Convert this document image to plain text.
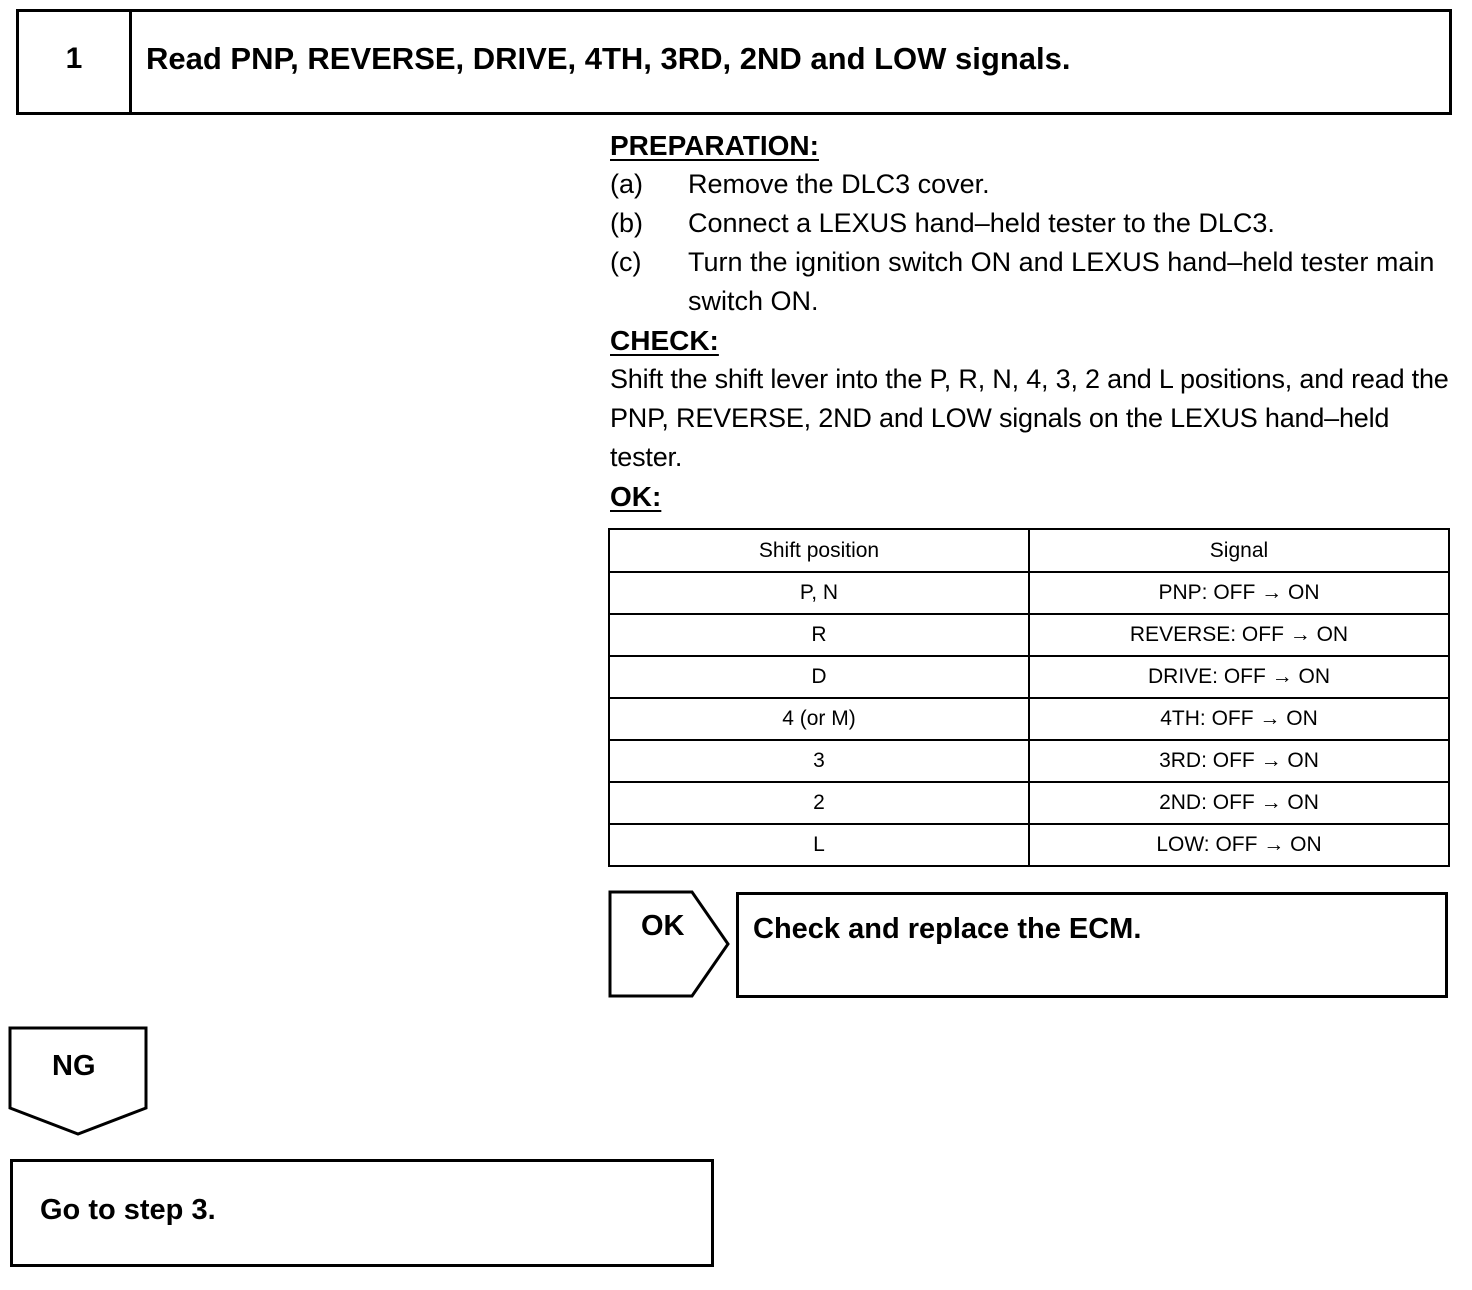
1	Read PNP, REVERSE, DRIVE, 4TH, 3RD, 2ND and LOW signals.
PREPARATION:
(a)	Remove the DLC3 cover.
(b)	Connect a LEXUS hand–held tester to the DLC3.
(c)	Turn the ignition switch ON and LEXUS hand–held tester main switch ON.
CHECK:
Shift the shift lever into the P, R, N, 4, 3, 2 and L positions, and read the PNP, REVERSE, 2ND and LOW signals on the LEXUS hand–held tester.
OK:
Shift position	Signal
P, N	PNP: OFF → ON
R	REVERSE: OFF → ON
D	DRIVE: OFF → ON
4 (or M)	4TH: OFF → ON
3	3RD: OFF → ON
2	2ND: OFF → ON
L	LOW: OFF → ON
OK	Check and replace the ECM.
NG
Go to step 3.
